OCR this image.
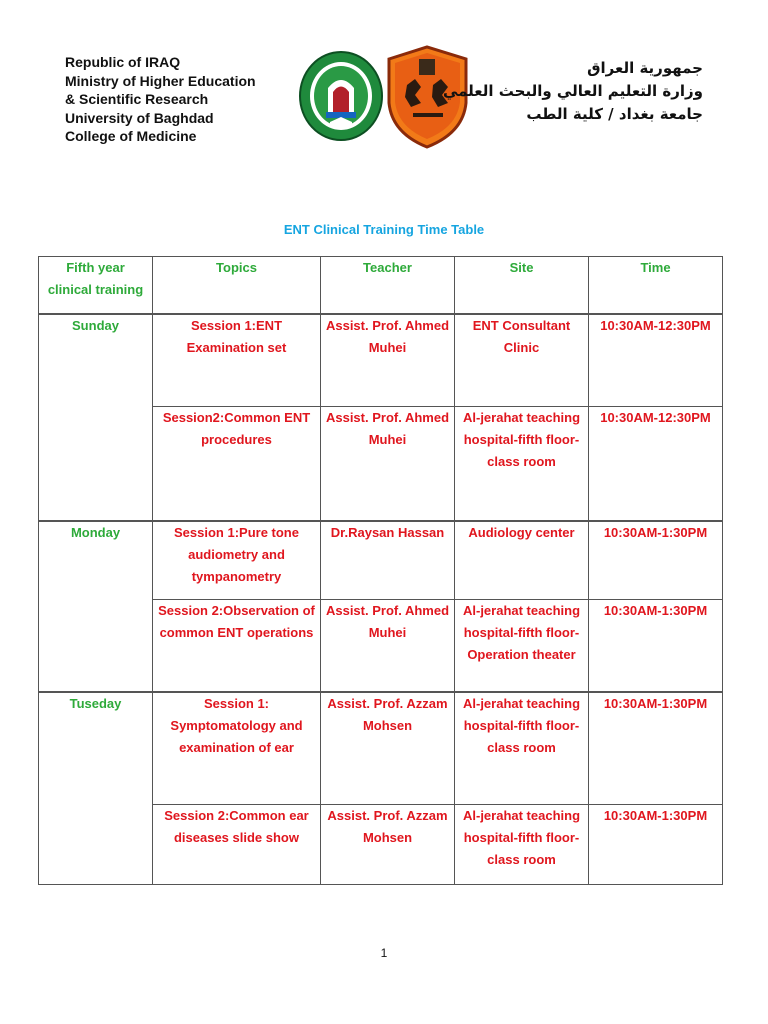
Republic of IRAQ
Ministry of Higher Education
& Scientific Research
University of Baghdad
College of Medicine
جمهورية العراق
وزارة التعليم العالي والبحث العلمي
جامعة بغداد / كلية الطب
ENT Clinical Training Time Table
Fifth year clinical training	Topics	Teacher	Site	Time

Sunday	Session 1:ENT Examination set	Assist. Prof. Ahmed Muhei	ENT Consultant Clinic	10:30AM-12:30PM
	Session2:Common ENT procedures	Assist. Prof. Ahmed Muhei	Al-jerahat teaching hospital-fifth floor-class room	10:30AM-12:30PM

Monday	Session 1:Pure tone audiometry and tympanometry	Dr.Raysan Hassan	Audiology center	10:30AM-1:30PM
	Session 2:Observation of common ENT operations	Assist. Prof. Ahmed Muhei	Al-jerahat teaching hospital-fifth floor-Operation theater	10:30AM-1:30PM

Tuseday	Session 1: Symptomatology and examination of ear	Assist. Prof. Azzam Mohsen	Al-jerahat teaching hospital-fifth floor-class room	10:30AM-1:30PM
	Session 2:Common ear diseases slide show	Assist. Prof. Azzam Mohsen	Al-jerahat teaching hospital-fifth floor-class room	10:30AM-1:30PM
1
